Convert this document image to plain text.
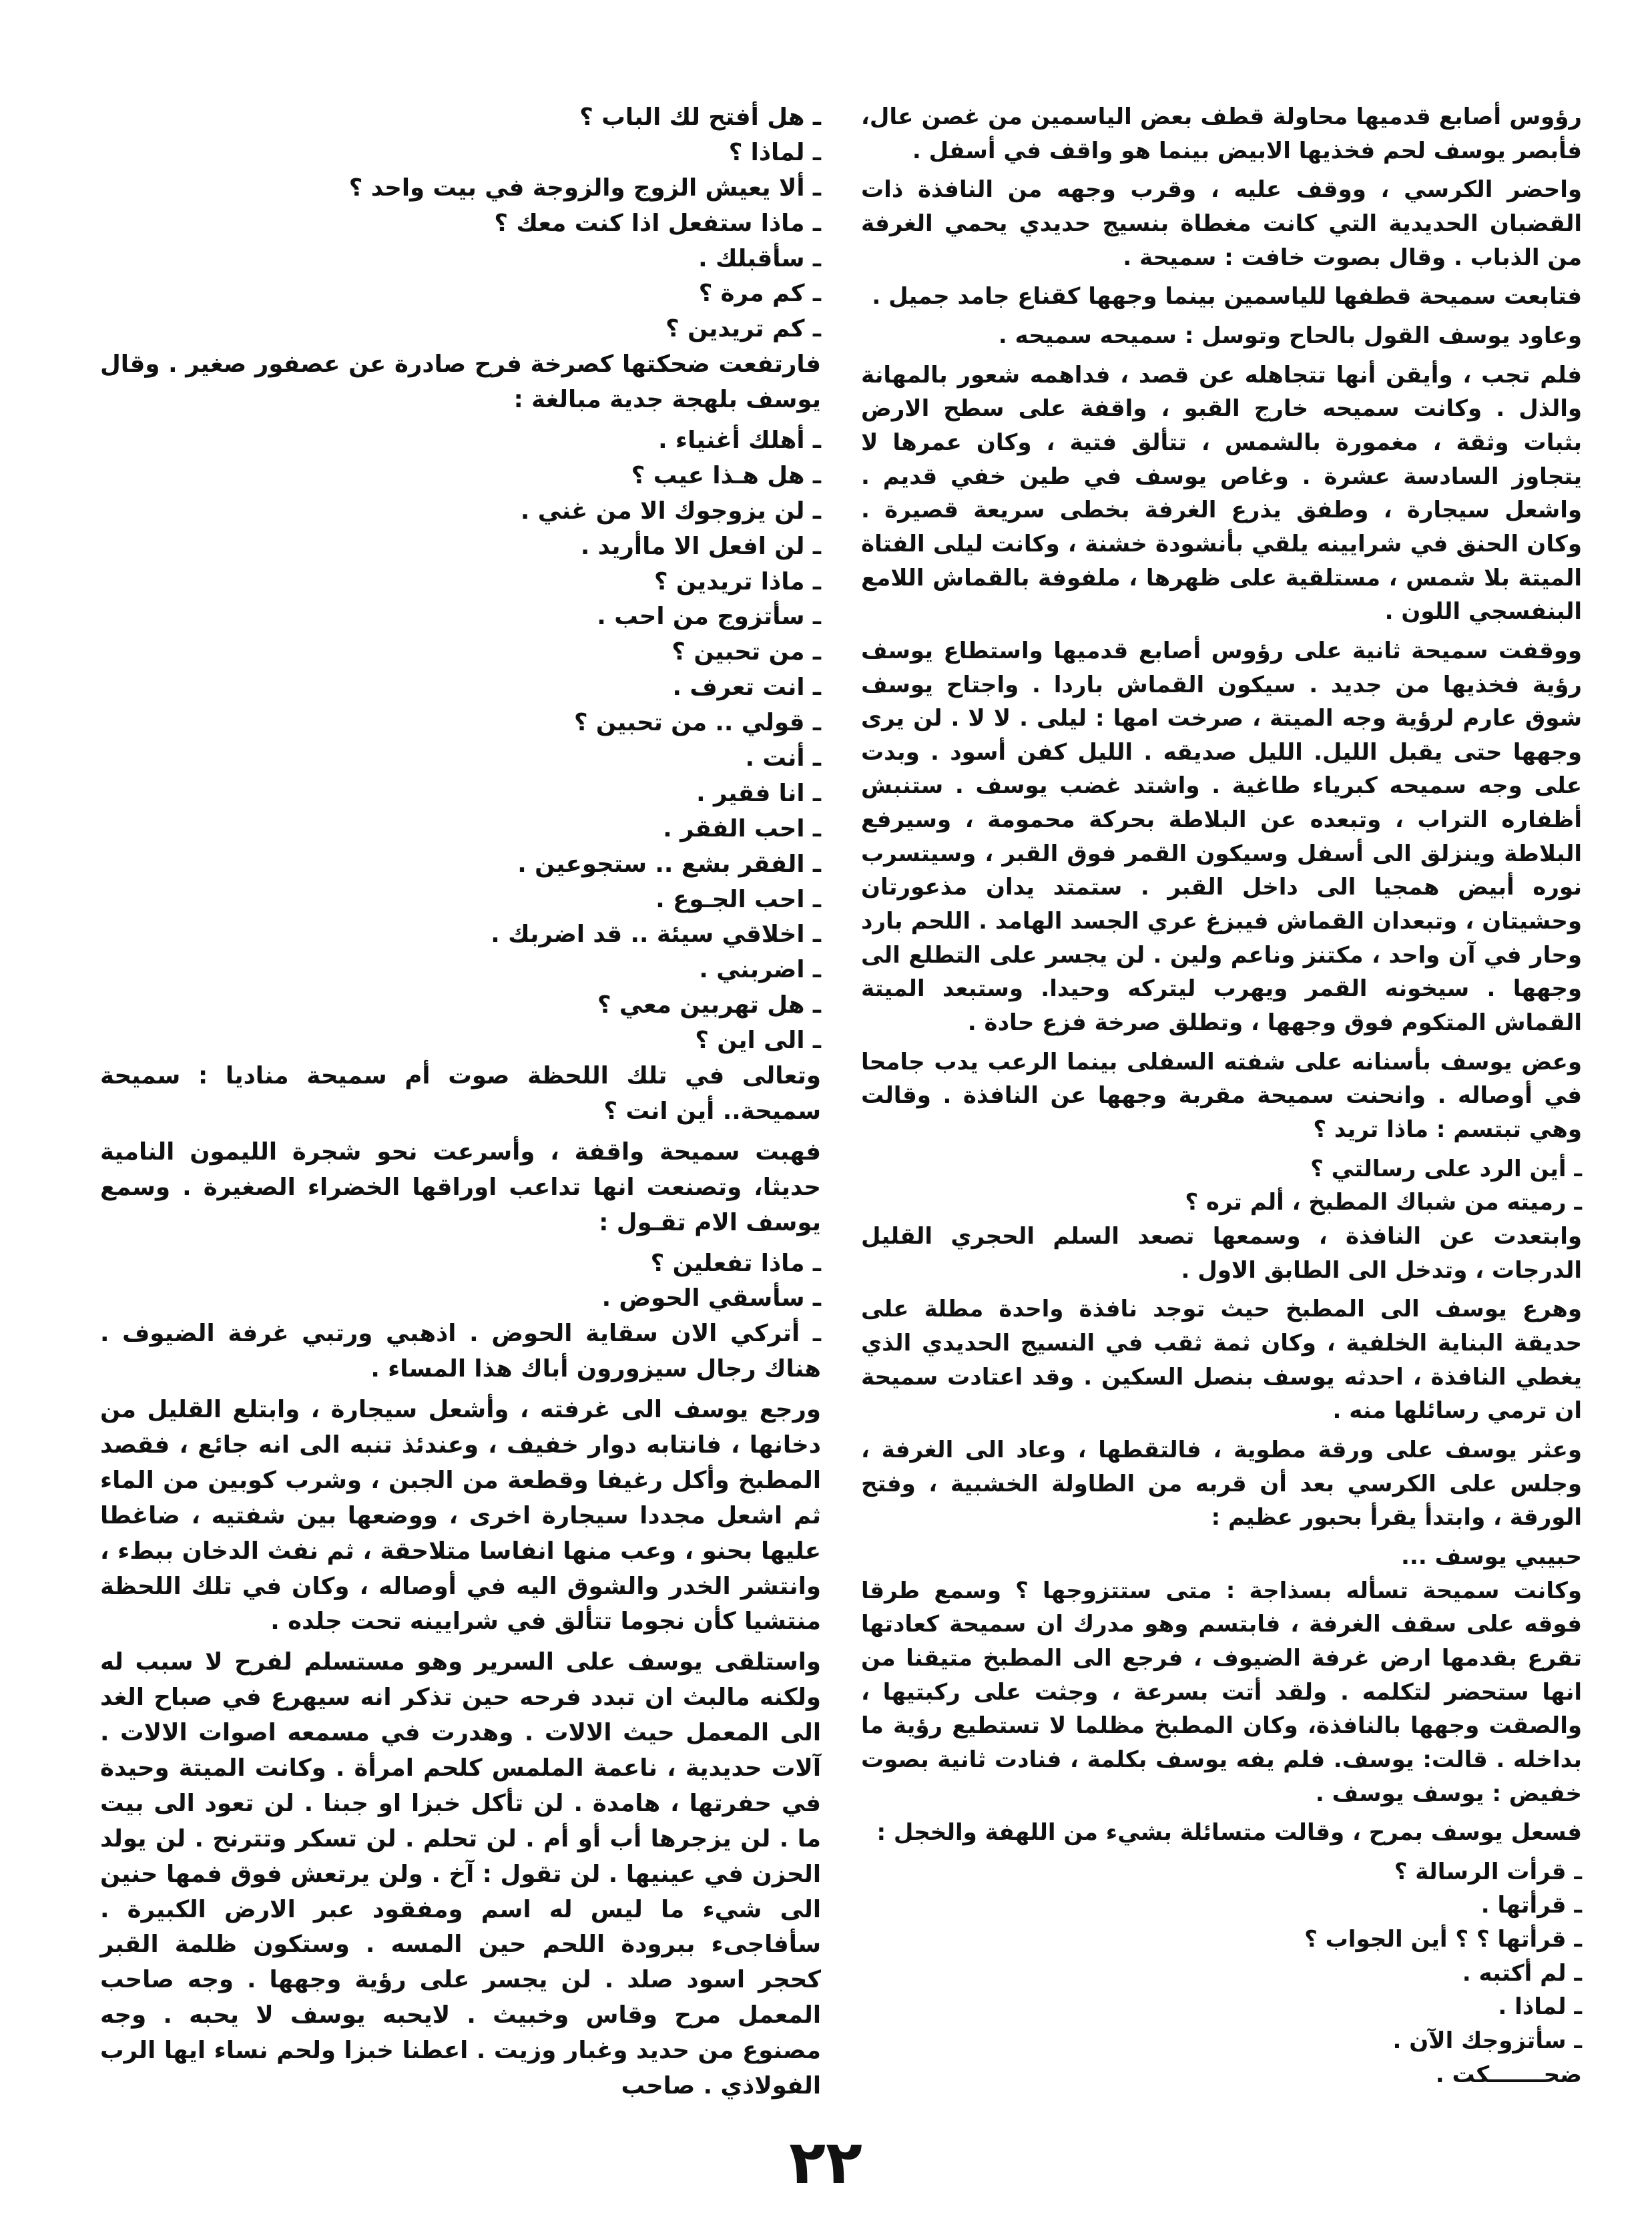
رؤوس أصابع قدميها محاولة قطف بعض الياسمين من غصن عال، فأبصر يوسف لحم فخذيها الابيض بينما هو واقف في أسفل .

واحضر الكرسي ، ووقف عليه ، وقرب وجهه من النافذة ذات القضبان الحديدية التي كانت مغطاة بنسيج حديدي يحمي الغرفة من الذباب . وقال بصوت خافت : سميحة .

فتابعت سميحة قطفها للياسمين بينما وجهها كقناع جامد جميل .

وعاود يوسف القول بالحاح وتوسل : سميحه سميحه .

فلم تجب ، وأيقن أنها تتجاهله عن قصد ، فداهمه شعور بالمهانة والذل . وكانت سميحه خارج القبو ، واقفة على سطح الارض بثبات وثقة ، مغمورة بالشمس ، تتألق فتية ، وكان عمرها لا يتجاوز السادسة عشرة . وغاص يوسف في طين خفي قديم . واشعل سيجارة ، وطفق يذرع الغرفة بخطى سريعة قصيرة . وكان الحنق في شرايينه يلقي بأنشودة خشنة ، وكانت ليلى الفتاة الميتة بلا شمس ، مستلقية على ظهرها ، ملفوفة بالقماش اللامع البنفسجي اللون .

ووقفت سميحة ثانية على رؤوس أصابع قدميها واستطاع يوسف رؤية فخذيها من جديد . سيكون القماش باردا . واجتاح يوسف شوق عارم لرؤية وجه الميتة ، صرخت امها : ليلى . لا لا . لن يرى وجهها حتى يقبل الليل. الليل صديقه . الليل كفن أسود . وبدت على وجه سميحه كبرياء طاغية . واشتد غضب يوسف . ستنبش أظفاره التراب ، وتبعده عن البلاطة بحركة محمومة ، وسيرفع البلاطة وينزلق الى أسفل وسيكون القمر فوق القبر ، وسيتسرب نوره أبيض همجيا الى داخل القبر . ستمتد يدان مذعورتان وحشيتان ، وتبعدان القماش فيبزغ عري الجسد الهامد . اللحم بارد وحار في آن واحد ، مكتنز وناعم ولين . لن يجسر على التطلع الى وجهها . سيخونه القمر ويهرب ليتركه وحيدا. وستبعد الميتة القماش المتكوم فوق وجهها ، وتطلق صرخة فزع حادة .

وعض يوسف بأسنانه على شفته السفلى بينما الرعب يدب جامحا في أوصاله . وانحنت سميحة مقربة وجهها عن النافذة . وقالت وهي تبتسم : ماذا تريد ؟

ـ أين الرد على رسالتي ؟
ـ رميته من شباك المطبخ ، ألم تره ؟

وابتعدت عن النافذة ، وسمعها تصعد السلم الحجري القليل الدرجات ، وتدخل الى الطابق الاول .

وهرع يوسف الى المطبخ حيث توجد نافذة واحدة مطلة على حديقة البناية الخلفية ، وكان ثمة ثقب في النسيج الحديدي الذي يغطي النافذة ، احدثه يوسف بنصل السكين . وقد اعتادت سميحة ان ترمي رسائلها منه .

وعثر يوسف على ورقة مطوية ، فالتقطها ، وعاد الى الغرفة ، وجلس على الكرسي بعد أن قربه من الطاولة الخشبية ، وفتح الورقة ، وابتدأ يقرأ بحبور عظيم :

حبيبي يوسف ...

وكانت سميحة تسأله بسذاجة : متى ستتزوجها ؟ وسمع طرقا فوقه على سقف الغرفة ، فابتسم وهو مدرك ان سميحة كعادتها تقرع بقدمها ارض غرفة الضيوف ، فرجع الى المطبخ متيقنا من انها ستحضر لتكلمه . ولقد أتت بسرعة ، وجثت على ركبتيها ، والصقت وجهها بالنافذة، وكان المطبخ مظلما لا تستطيع رؤية ما بداخله . قالت: يوسف. فلم يفه يوسف بكلمة ، فنادت ثانية بصوت خفيض : يوسف يوسف .

فسعل يوسف بمرح ، وقالت متسائلة بشيء من اللهفة والخجل :

ـ قرأت الرسالة ؟
ـ قرأتها .
ـ قرأتها ؟ ؟ أين الجواب ؟
ـ لم أكتبه .
ـ لماذا .
ـ سأتزوجك الآن .
ضحـــــــكت .
ـ هل أفتح لك الباب ؟
ـ لماذا ؟
ـ ألا يعيش الزوج والزوجة في بيت واحد ؟
ـ ماذا ستفعل اذا كنت معك ؟
ـ سأقبلك .
ـ كم مرة ؟
ـ كم تريدين ؟

فارتفعت ضحكتها كصرخة فرح صادرة عن عصفور صغير . وقال يوسف بلهجة جدية مبالغة :

ـ أهلك أغنياء .
ـ هل هـذا عيب ؟
ـ لن يزوجوك الا من غني .
ـ لن افعل الا ماأريد .
ـ ماذا تريدين ؟
ـ سأتزوج من احب .
ـ من تحبين ؟
ـ انت تعرف .
ـ قولي .. من تحبين ؟
ـ أنت .
ـ انا فقير .
ـ احب الفقر .
ـ الفقر بشع .. ستجوعين .
ـ احب الجـوع .
ـ اخلاقي سيئة .. قد اضربك .
ـ اضربني .
ـ هل تهربين معي ؟
ـ الى اين ؟

وتعالى في تلك اللحظة صوت أم سميحة مناديا : سميحة سميحة.. أين انت ؟

فهبت سميحة واقفة ، وأسرعت نحو شجرة الليمون النامية حديثا، وتصنعت انها تداعب اوراقها الخضراء الصغيرة . وسمع يوسف الام تقـول :

ـ ماذا تفعلين ؟
ـ سأسقي الحوض .

ـ أتركي الان سقاية الحوض . اذهبي ورتبي غرفة الضيوف . هناك رجال سيزورون أباك هذا المساء .

ورجع يوسف الى غرفته ، وأشعل سيجارة ، وابتلع القليل من دخانها ، فانتابه دوار خفيف ، وعندئذ تنبه الى انه جائع ، فقصد المطبخ وأكل رغيفا وقطعة من الجبن ، وشرب كوبين من الماء ثم اشعل مجددا سيجارة اخرى ، ووضعها بين شفتيه ، ضاغطا عليها بحنو ، وعب منها انفاسا متلاحقة ، ثم نفث الدخان ببطء ، وانتشر الخدر والشوق اليه في أوصاله ، وكان في تلك اللحظة منتشيا كأن نجوما تتألق في شرايينه تحت جلده .

واستلقى يوسف على السرير وهو مستسلم لفرح لا سبب له ولكنه مالبث ان تبدد فرحه حين تذكر انه سيهرع في صباح الغد الى المعمل حيث الالات . وهدرت في مسمعه اصوات الالات . آلات حديدية ، ناعمة الملمس كلحم امرأة . وكانت الميتة وحيدة في حفرتها ، هامدة . لن تأكل خبزا او جبنا . لن تعود الى بيت ما . لن يزجرها أب أو أم . لن تحلم . لن تسكر وتترنح . لن يولد الحزن في عينيها . لن تقول : آخ . ولن يرتعش فوق فمها حنين الى شيء ما ليس له اسم ومفقود عبر الارض الكبيرة . سأفاجىء ببرودة اللحم حين المسه . وستكون ظلمة القبر كحجر اسود صلد . لن يجسر على رؤية وجهها . وجه صاحب المعمل مرح وقاس وخبيث . لايحبه يوسف لا يحبه . وجه مصنوع من حديد وغبار وزيت . اعطنا خبزا ولحم نساء ايها الرب الفولاذي . صاحب

٢٢
